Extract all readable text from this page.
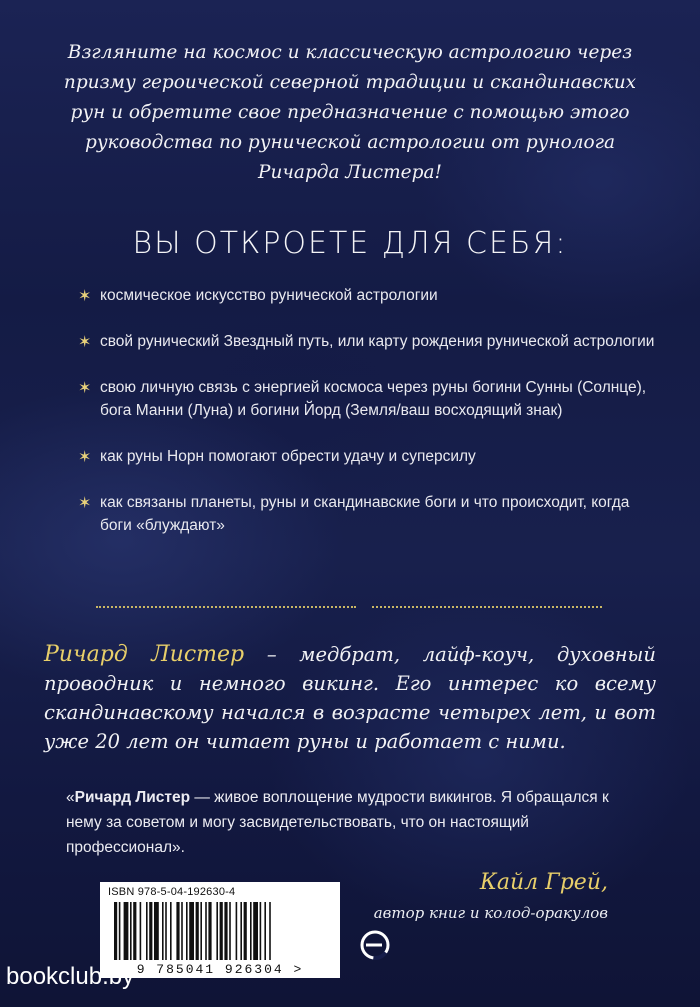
Взгляните на космос и классическую астрологию через призму героической северной традиции и скандинавских рун и обретите свое предназначение с помощью этого руководства по рунической астрологии от рунолога Ричарда Листера!
ВЫ ОТКРОЕТЕ ДЛЯ СЕБЯ:
✶ космическое искусство рунической астрологии
✶ свой рунический Звездный путь, или карту рождения рунической астрологии
✶ свою личную связь с энергией космоса через руны богини Сунны (Солнце), бога Манни (Луна) и богини Йорд (Земля/ваш восходящий знак)
✶ как руны Норн помогают обрести удачу и суперсилу
✶ как связаны планеты, руны и скандинавские боги и что происходит, когда боги «блуждают»
Ричард Листер – медбрат, лайф-коуч, духовный проводник и немного викинг. Его интерес ко всему скандинавскому начался в возрасте четырех лет, и вот уже 20 лет он читает руны и работает с ними.
«Ричард Листер — живое воплощение мудрости викингов. Я обращался к нему за советом и могу засвидетельствовать, что он настоящий профессионал».
Кайл Грей,
автор книг и колод-оракулов
ISBN 978-5-04-192630-4
9 785041 926304 >
bookclub.by
